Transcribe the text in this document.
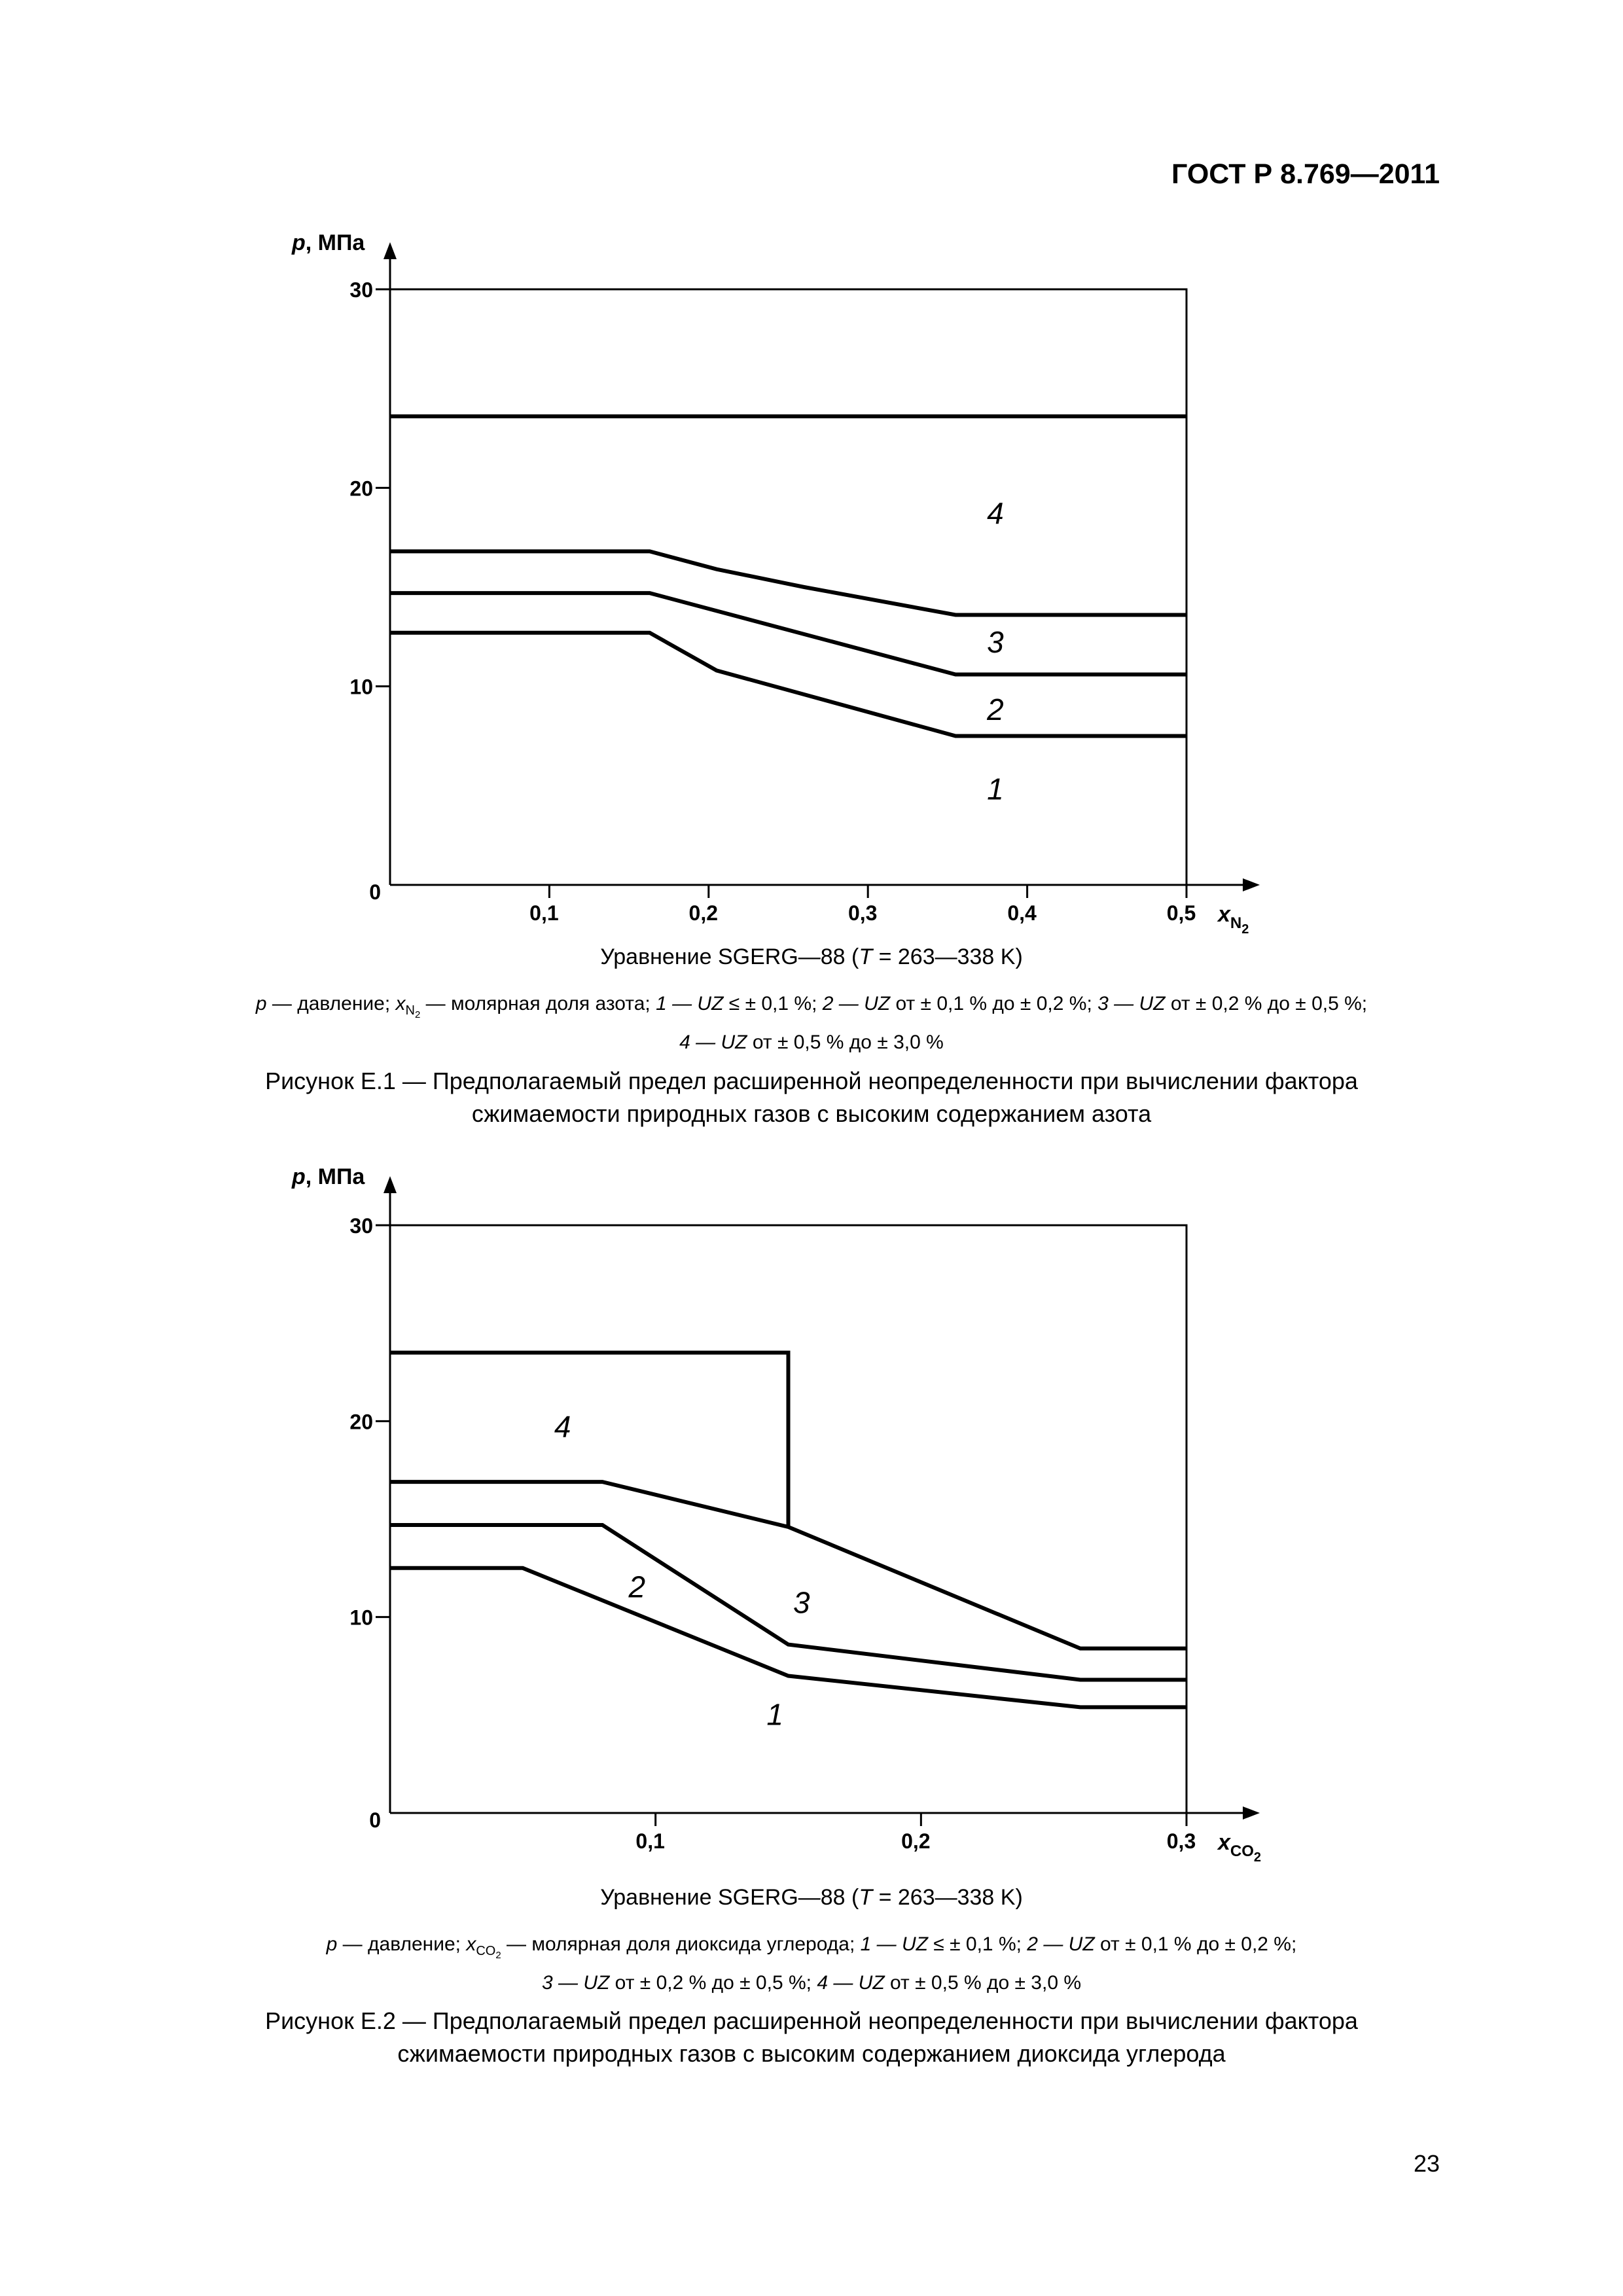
ГОСТ Р 8.769—2011
p, МПа
0
10
20
30
0,1	0,2	0,3	0,4	0,5 $x_{N2}$
1
2
3
4
Уравнение SGERG—88 (T = 263—338 K)
p — давление; $x_{N_2}$ — молярная доля азота; 1 — UZ ≤ ± 0,1 %; 2 — UZ от ± 0,1 % до ± 0,2 %; 3 — UZ от ± 0,2 % до ± 0,5 %;
4 — UZ от ± 0,5 % до ± 3,0 %
Рисунок Е.1 — Предполагаемый предел расширенной неопределенности при вычислении фактора
сжимаемости природных газов с высоким содержанием азота
p, МПа
0
10
20
30
0,1	0,2	0,3 $x_{CO2}$
1
2	3
4
Уравнение SGERG—88 (T = 263—338 K)
p — давление; $x_{CO_2}$ — молярная доля диоксида углерода; 1 — UZ ≤ ± 0,1 %; 2 — UZ от ± 0,1 % до ± 0,2 %;
3 — UZ от ± 0,2 % до ± 0,5 %; 4 — UZ от ± 0,5 % до ± 3,0 %
Рисунок Е.2 — Предполагаемый предел расширенной неопределенности при вычислении фактора
сжимаемости природных газов с высоким содержанием диоксида углерода
23
